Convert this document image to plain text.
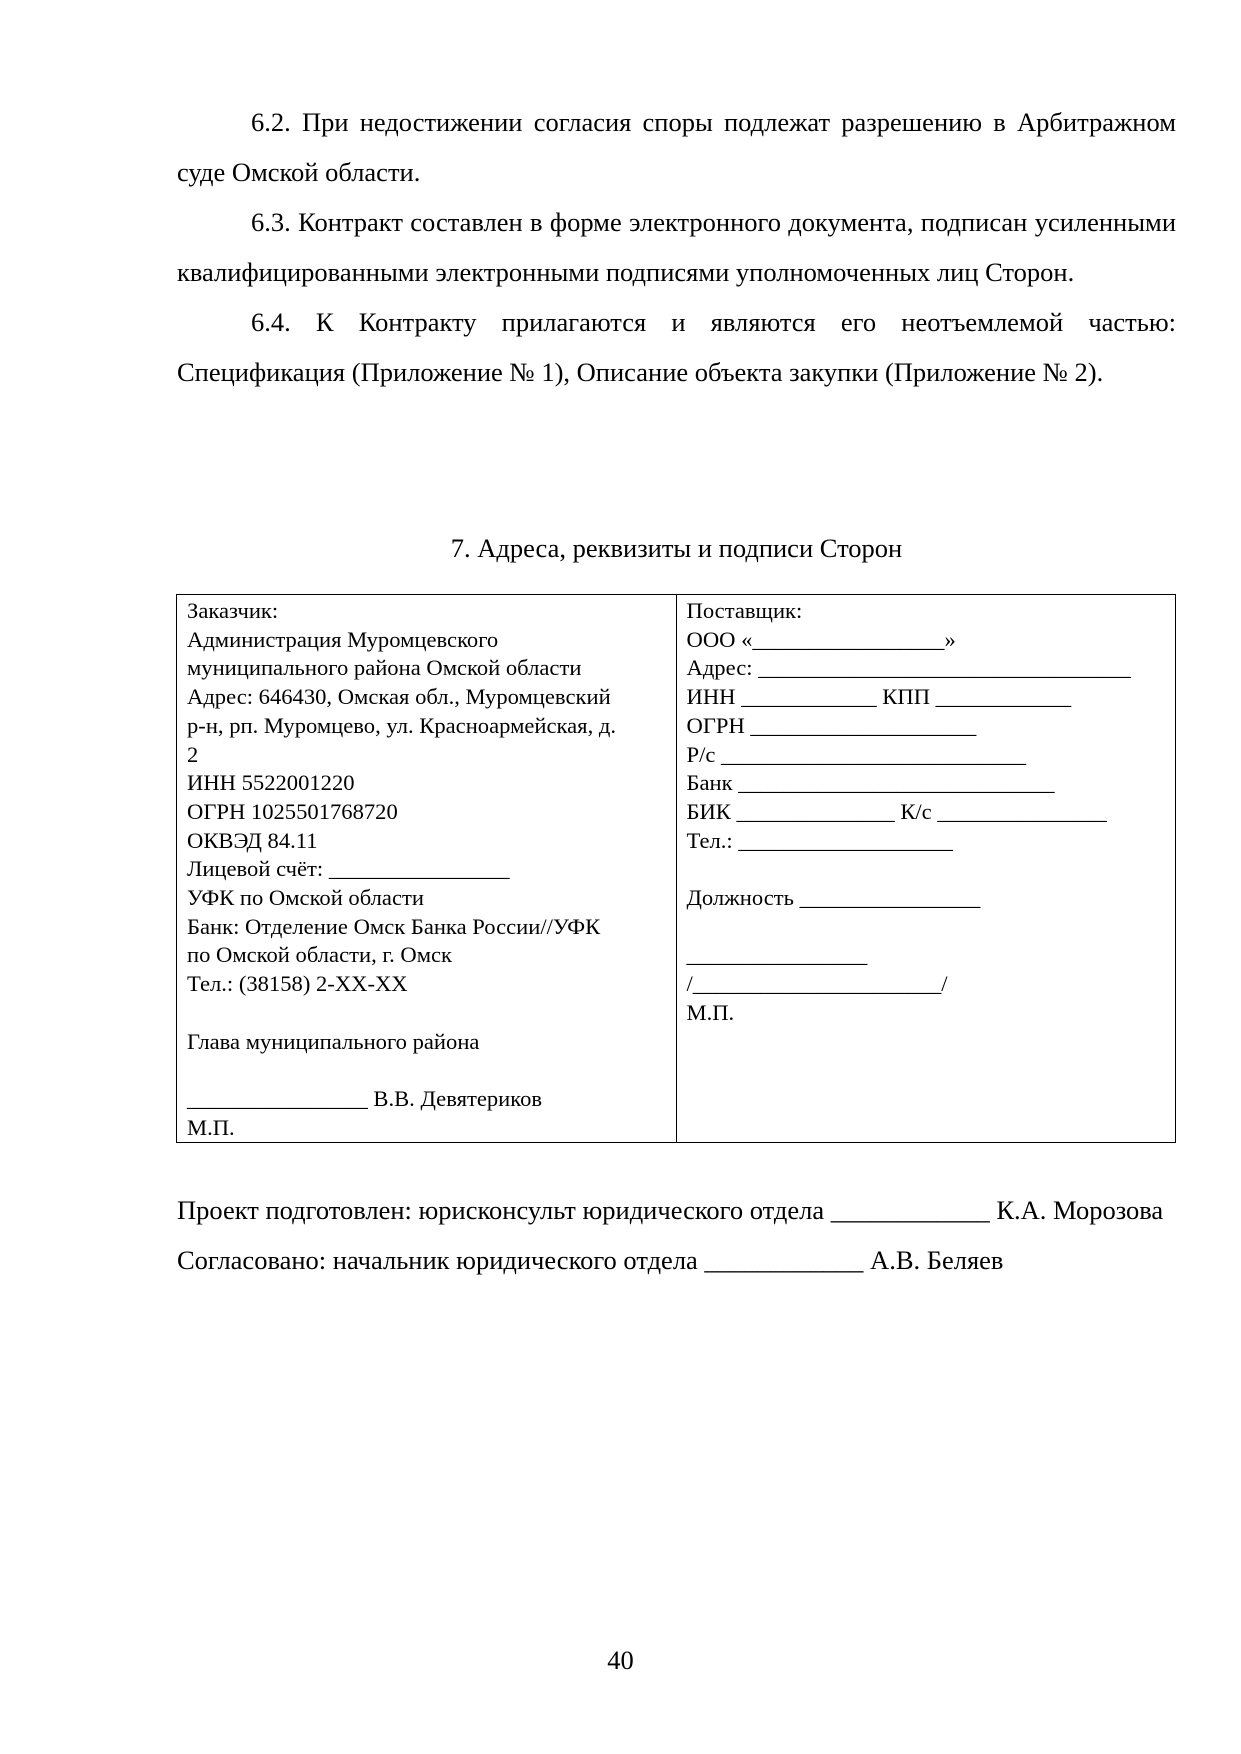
6.2. При недостижении согласия споры подлежат разрешению в Арбитражном суде Омской области.

6.3. Контракт составлен в форме электронного документа, подписан усиленными квалифицированными электронными подписями уполномоченных лиц Сторон.

6.4. К Контракту прилагаются и являются его неотъемлемой частью: Спецификация (Приложение № 1), Описание объекта закупки (Приложение № 2).

7. Адреса, реквизиты и подписи Сторон
Заказчик:
Администрация Муромцевского
муниципального района Омской области
Адрес: 646430, Омская обл., Муромцевский
р-н, рп. Муромцево, ул. Красноармейская, д.
2
ИНН 5522001220
ОГРН 1025501768720
ОКВЭД 84.11
Лицевой счёт: ________________
УФК по Омской области
Банк: Отделение Омск Банка России//УФК
по Омской области, г. Омск
Тел.: (38158) 2-ХХ-ХХ
Глава муниципального района
________________ В.В. Девятериков
М.П.

Поставщик:
ООО «_________________»
Адрес: _________________________________
ИНН ____________ КПП ____________
ОГРН ____________________
Р/с ___________________________
Банк ____________________________
БИК ______________ К/с _______________
Тел.: ___________________
Должность ________________
________________
/______________________/
М.П.

Проект подготовлен: юрисконсульт юридического отдела ____________ К.А. Морозова

Согласовано: начальник юридического отдела ____________ А.В. Беляев

40
